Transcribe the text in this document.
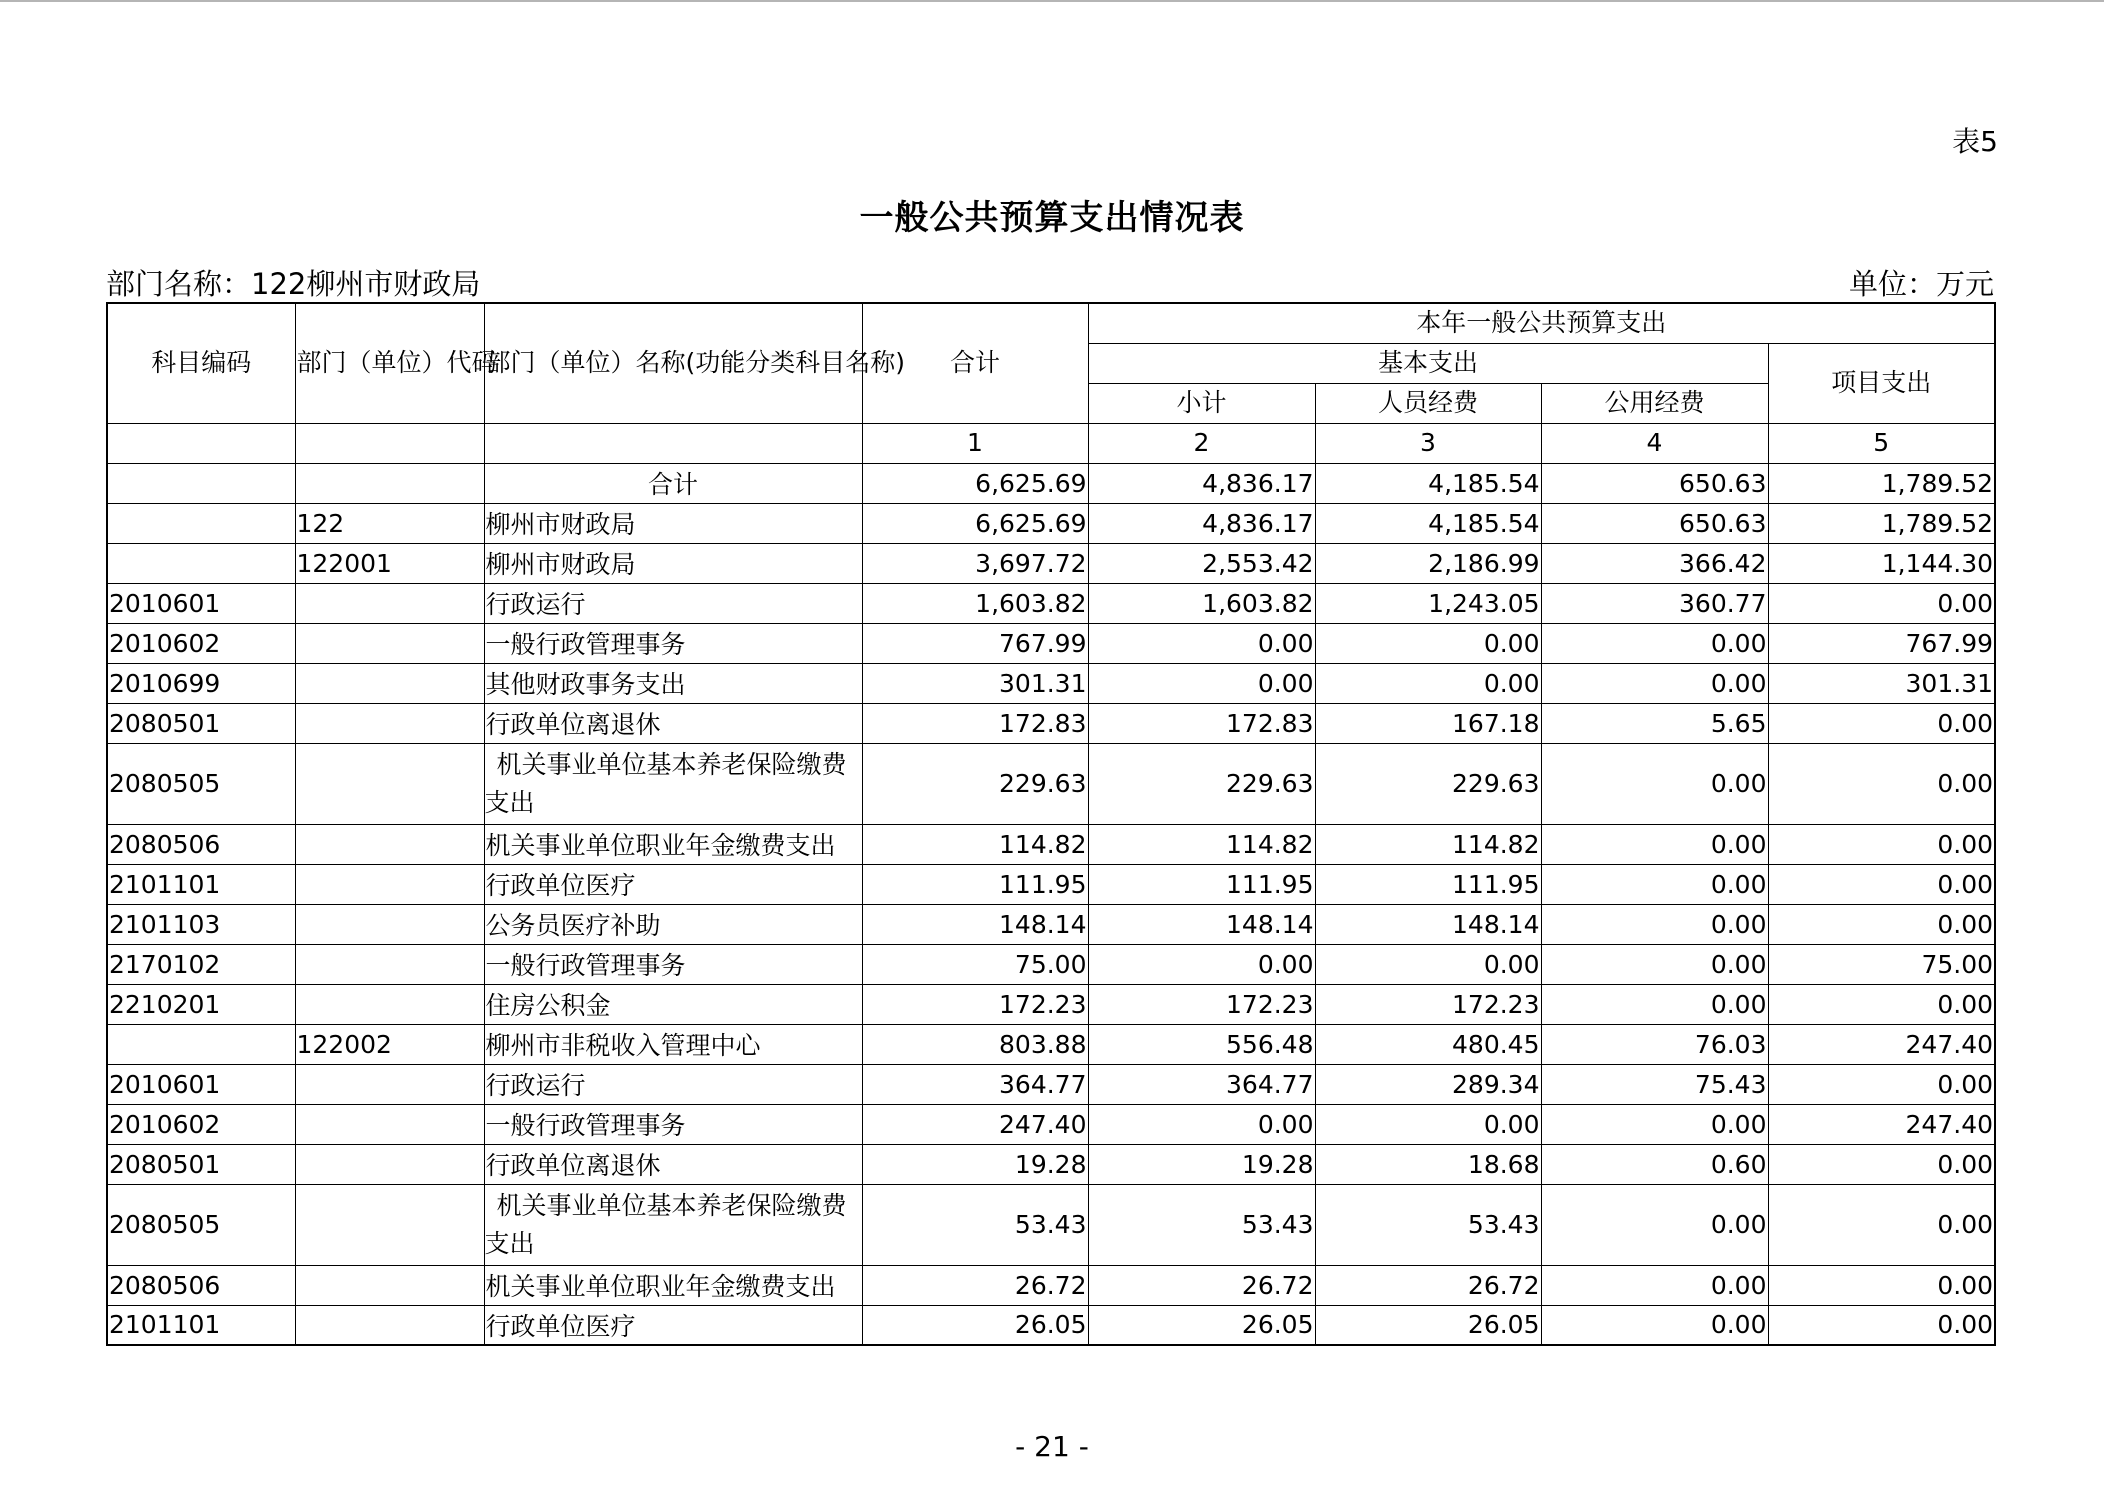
表5
一般公共预算支出情况表
部门名称：122柳州市财政局	单位：万元
科目编码	部门（单位）代码	部门（单位）名称(功能分类科目名称)	合计	本年一般公共预算支出			
				基本支出			项目支出
				小计	人员经费	公用经费	
			1	2	3	4	5
		合计	6,625.69	4,836.17	4,185.54	650.63	1,789.52
	122	柳州市财政局	6,625.69	4,836.17	4,185.54	650.63	1,789.52
	122001	柳州市财政局	3,697.72	2,553.42	2,186.99	366.42	1,144.30
2010601		行政运行	1,603.82	1,603.82	1,243.05	360.77	0.00
2010602		一般行政管理事务	767.99	0.00	0.00	0.00	767.99
2010699		其他财政事务支出	301.31	0.00	0.00	0.00	301.31
2080501		行政单位离退休	172.83	172.83	167.18	5.65	0.00
2080505		机关事业单位基本养老保险缴费支出	229.63	229.63	229.63	0.00	0.00
2080506		机关事业单位职业年金缴费支出	114.82	114.82	114.82	0.00	0.00
2101101		行政单位医疗	111.95	111.95	111.95	0.00	0.00
2101103		公务员医疗补助	148.14	148.14	148.14	0.00	0.00
2170102		一般行政管理事务	75.00	0.00	0.00	0.00	75.00
2210201		住房公积金	172.23	172.23	172.23	0.00	0.00
	122002	柳州市非税收入管理中心	803.88	556.48	480.45	76.03	247.40
2010601		行政运行	364.77	364.77	289.34	75.43	0.00
2010602		一般行政管理事务	247.40	0.00	0.00	0.00	247.40
2080501		行政单位离退休	19.28	19.28	18.68	0.60	0.00
2080505		机关事业单位基本养老保险缴费支出	53.43	53.43	53.43	0.00	0.00
2080506		机关事业单位职业年金缴费支出	26.72	26.72	26.72	0.00	0.00
2101101		行政单位医疗	26.05	26.05	26.05	0.00	0.00
- 21 -
